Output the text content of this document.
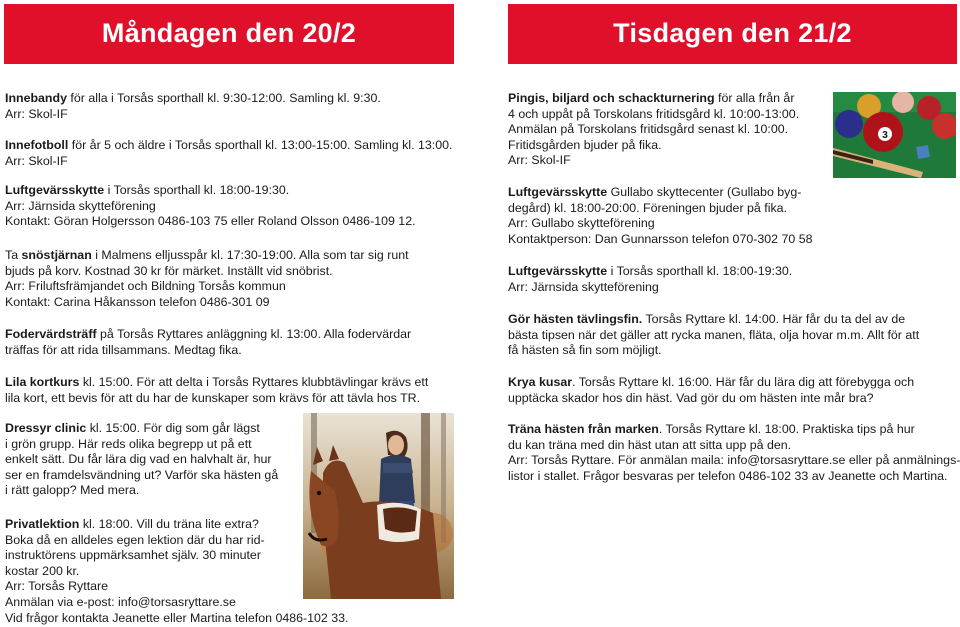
Måndagen den 20/2	Tisdagen den 21/2
Innebandy för alla i Torsås sporthall kl. 9:30-12:00. Samling kl. 9:30.
Arr: Skol-IF
Innefotboll för år 5 och äldre i Torsås sporthall kl. 13:00-15:00. Samling kl. 13:00.
Arr: Skol-IF
Luftgevärsskytte i Torsås sporthall kl. 18:00-19:30.
Arr: Järnsida skytteförening
Kontakt: Göran Holgersson 0486-103 75 eller Roland Olsson 0486-109 12.
Ta snöstjärnan i Malmens elljusspår kl. 17:30-19:00. Alla som tar sig runt
bjuds på korv. Kostnad 30 kr för märket. Inställt vid snöbrist.
Arr: Friluftsfrämjandet och Bildning Torsås kommun
Kontakt: Carina Håkansson telefon 0486-301 09
Fodervärdsträff på Torsås Ryttares anläggning kl. 13:00. Alla fodervärdar
träffas för att rida tillsammans. Medtag fika.
Lila kortkurs kl. 15:00. För att delta i Torsås Ryttares klubbtävlingar krävs ett
lila kort, ett bevis för att du har de kunskaper som krävs för att tävla hos TR.
Dressyr clinic kl. 15:00. För dig som går lägst
i grön grupp. Här reds olika begrepp ut på ett
enkelt sätt. Du får lära dig vad en halvhalt är, hur
ser en framdelsvändning ut? Varför ska hästen gå
i rätt galopp? Med mera.
Privatlektion kl. 18:00. Vill du träna lite extra?
Boka då en alldeles egen lektion där du har rid-
instruktörens uppmärksamhet själv. 30 minuter
kostar 200 kr.
Arr: Torsås Ryttare
Anmälan via e-post: info@torsasryttare.se
Vid frågor kontakta Jeanette eller Martina telefon 0486-102 33.
Pingis, biljard och schackturnering för alla från år
4 och uppåt på Torskolans fritidsgård kl. 10:00-13:00.
Anmälan på Torskolans fritidsgård senast kl. 10:00.
Fritidsgården bjuder på fika.
Arr: Skol-IF
3
Luftgevärsskytte Gullabo skyttecenter (Gullabo byg-
degård) kl. 18:00-20:00. Föreningen bjuder på fika.
Arr: Gullabo skytteförening
Kontaktperson: Dan Gunnarsson telefon 070-302 70 58
Luftgevärsskytte i Torsås sporthall kl. 18:00-19:30.
Arr: Järnsida skytteförening
Gör hästen tävlingsfin. Torsås Ryttare kl. 14:00. Här får du ta del av de
bästa tipsen när det gäller att rycka manen, fläta, olja hovar m.m. Allt för att
få hästen så fin som möjligt.
Krya kusar. Torsås Ryttare kl. 16:00. Här får du lära dig att förebygga och
upptäcka skador hos din häst. Vad gör du om hästen inte mår bra?
Träna hästen från marken. Torsås Ryttare kl. 18:00. Praktiska tips på hur
du kan träna med din häst utan att sitta upp på den.
Arr: Torsås Ryttare. För anmälan maila: info@torsasryttare.se eller på anmälnings-
listor i stallet. Frågor besvaras per telefon 0486-102 33 av Jeanette och Martina.
